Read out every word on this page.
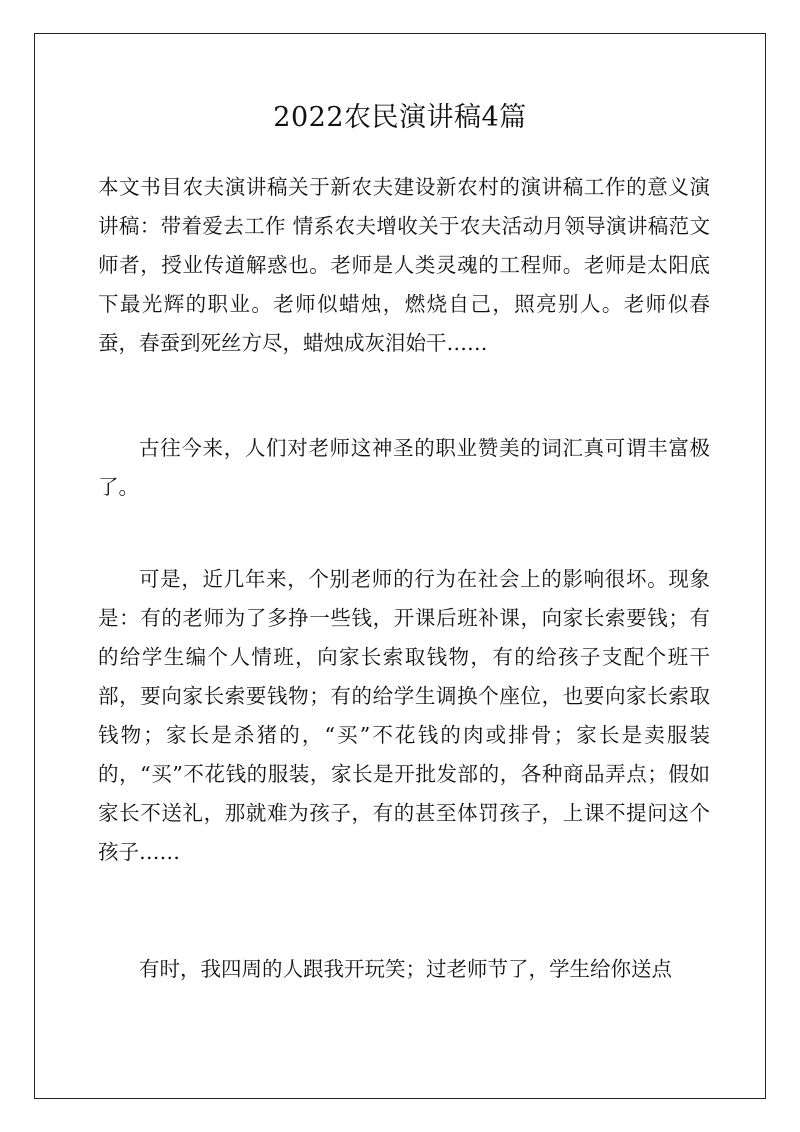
2022农民演讲稿4篇

本文书目农夫演讲稿关于新农夫建设新农村的演讲稿工作的意义演讲稿：带着爱去工作 情系农夫增收关于农夫活动月领导演讲稿范文　　师者，授业传道解惑也。老师是人类灵魂的工程师。老师是太阳底下最光辉的职业。老师似蜡烛，燃烧自己，照亮别人。老师似春蚕，春蚕到死丝方尽，蜡烛成灰泪始干……

古往今来，人们对老师这神圣的职业赞美的词汇真可谓丰富极了。

可是，近几年来，个别老师的行为在社会上的影响很坏。现象是：有的老师为了多挣一些钱，开课后班补课，向家长索要钱；有的给学生编个人情班，向家长索取钱物，有的给孩子支配个班干部，要向家长索要钱物；有的给学生调换个座位，也要向家长索取钱物；家长是杀猪的，“买”不花钱的肉或排骨；家长是卖服装的，“买”不花钱的服装，家长是开批发部的，各种商品弄点；假如家长不送礼，那就难为孩子，有的甚至体罚孩子，上课不提问这个孩子……

有时，我四周的人跟我开玩笑；过老师节了，学生给你送点
